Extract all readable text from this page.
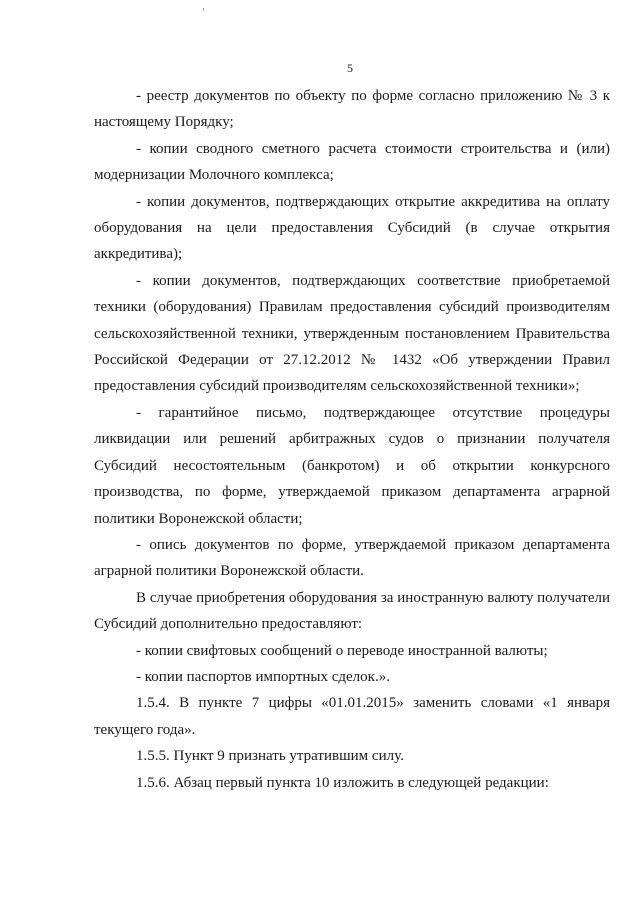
5

- реестр документов по объекту по форме согласно приложению № 3 к настоящему Порядку;

- копии сводного сметного расчета стоимости строительства и (или) модернизации Молочного комплекса;

- копии документов, подтверждающих открытие аккредитива на оплату оборудования на цели предоставления Субсидий (в случае открытия аккредитива);

- копии документов, подтверждающих соответствие приобретаемой техники (оборудования) Правилам предоставления субсидий производителям сельскохозяйственной техники, утвержденным постановлением Правительства Российской Федерации от 27.12.2012 № 1432 «Об утверждении Правил предоставления субсидий производителям сельскохозяйственной техники»;

- гарантийное письмо, подтверждающее отсутствие процедуры ликвидации или решений арбитражных судов о признании получателя Субсидий несостоятельным (банкротом) и об открытии конкурсного производства, по форме, утверждаемой приказом департамента аграрной политики Воронежской области;

- опись документов по форме, утверждаемой приказом департамента аграрной политики Воронежской области.

В случае приобретения оборудования за иностранную валюту получатели Субсидий дополнительно предоставляют:

- копии свифтовых сообщений о переводе иностранной валюты;

- копии паспортов импортных сделок.».

1.5.4. В пункте 7 цифры «01.01.2015» заменить словами «1 января текущего года».

1.5.5. Пункт 9 признать утратившим силу.

1.5.6. Абзац первый пункта 10 изложить в следующей редакции:
